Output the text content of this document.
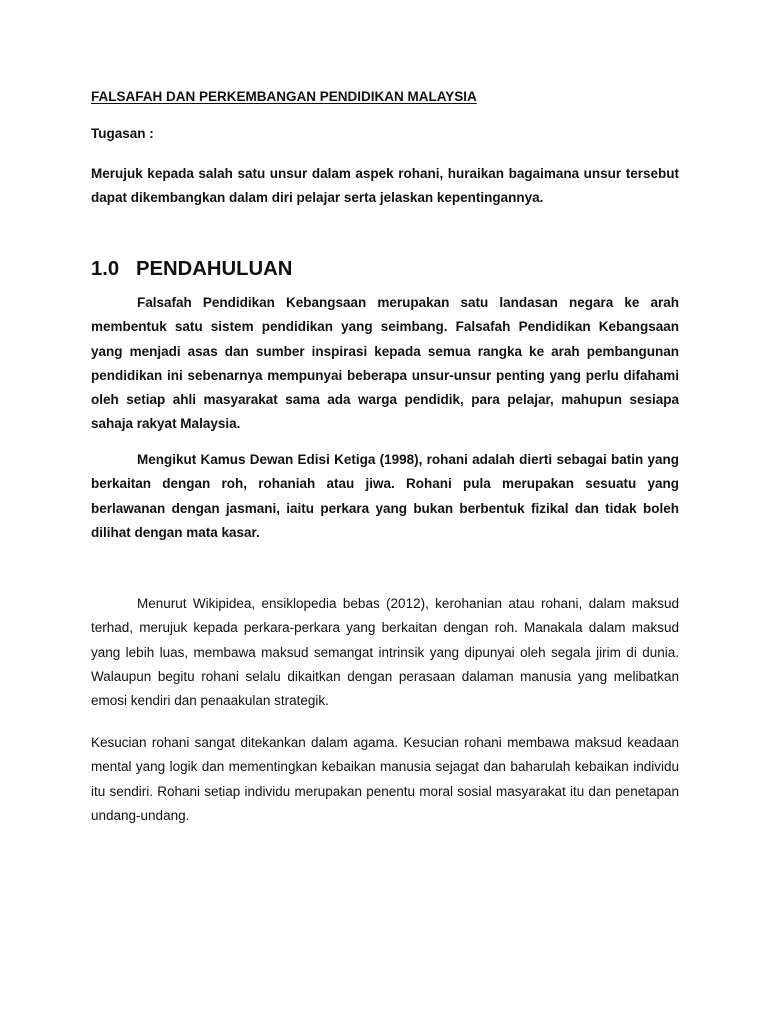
FALSAFAH DAN PERKEMBANGAN PENDIDIKAN MALAYSIA

Tugasan :

Merujuk kepada salah satu unsur dalam aspek rohani, huraikan bagaimana unsur tersebut dapat dikembangkan dalam diri pelajar serta jelaskan kepentingannya.

1.0 PENDAHULUAN

Falsafah Pendidikan Kebangsaan merupakan satu landasan negara ke arah membentuk satu sistem pendidikan yang seimbang. Falsafah Pendidikan Kebangsaan yang menjadi asas dan sumber inspirasi kepada semua rangka ke arah pembangunan pendidikan ini sebenarnya mempunyai beberapa unsur-unsur penting yang perlu difahami oleh setiap ahli masyarakat sama ada warga pendidik, para pelajar, mahupun sesiapa sahaja rakyat Malaysia.

Mengikut Kamus Dewan Edisi Ketiga (1998), rohani adalah dierti sebagai batin yang berkaitan dengan roh, rohaniah atau jiwa. Rohani pula merupakan sesuatu yang berlawanan dengan jasmani, iaitu perkara yang bukan berbentuk fizikal dan tidak boleh dilihat dengan mata kasar.

Menurut Wikipidea, ensiklopedia bebas (2012), kerohanian atau rohani, dalam maksud terhad, merujuk kepada perkara-perkara yang berkaitan dengan roh. Manakala dalam maksud yang lebih luas, membawa maksud semangat intrinsik yang dipunyai oleh segala jirim di dunia. Walaupun begitu rohani selalu dikaitkan dengan perasaan dalaman manusia yang melibatkan emosi kendiri dan penaakulan strategik.

Kesucian rohani sangat ditekankan dalam agama. Kesucian rohani membawa maksud keadaan mental yang logik dan mementingkan kebaikan manusia sejagat dan baharulah kebaikan individu itu sendiri. Rohani setiap individu merupakan penentu moral sosial masyarakat itu dan penetapan undang-undang.
